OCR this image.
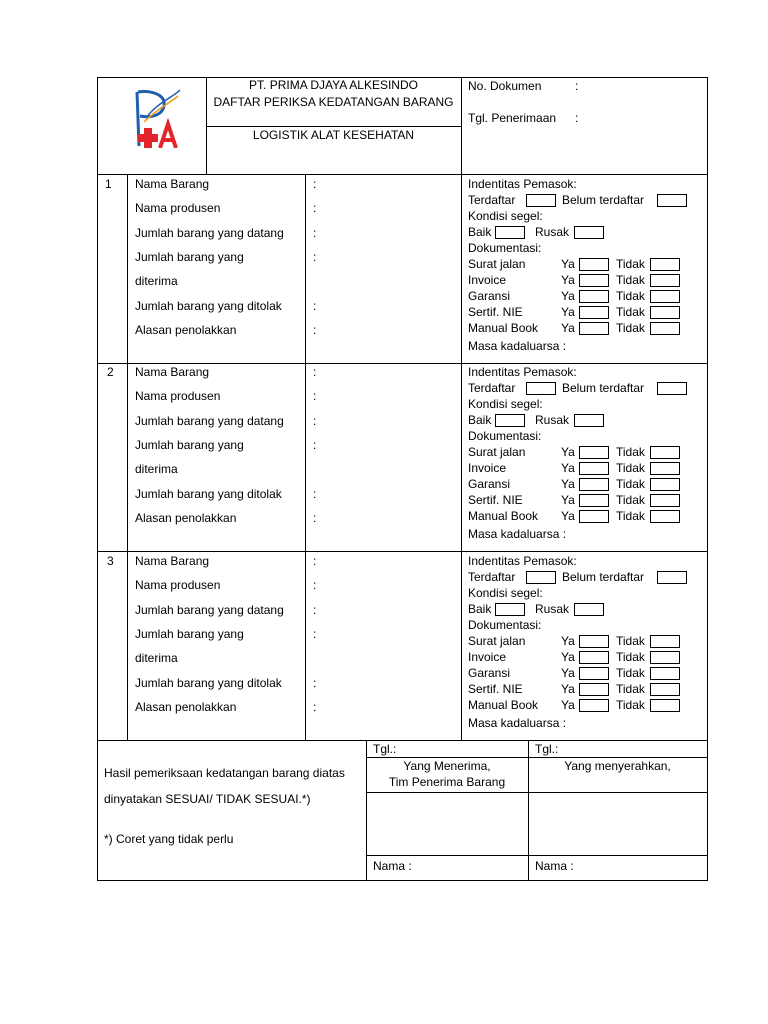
PT. PRIMA DJAYA ALKESINDO
DAFTAR PERIKSA KEDATANGAN BARANG
LOGISTIK ALAT KESEHATAN
No. Dokumen	:
Tgl. Penerimaan :
1 Nama Barang	:
Nama produsen	:
Jumlah barang yang datang :
Jumlah barang yang	:
diterima
Jumlah barang yang ditolak	:
Alasan penolakkan	:
Indentitas Pemasok:
Terdaftar	Belum terdaftar
Kondisi segel:
Baik	Rusak
Dokumentasi:
Surat jalan	Ya	Tidak
Invoice	Ya	Tidak
Garansi	Ya	Tidak
Sertif. NIE	Ya	Tidak
Manual Book Ya	Tidak
Masa kadaluarsa :
2 Nama Barang	:
Nama produsen	:
Jumlah barang yang datang :
Jumlah barang yang	:
diterima
Jumlah barang yang ditolak	:
Alasan penolakkan	:
Indentitas Pemasok:
Terdaftar	Belum terdaftar
Kondisi segel:
Baik	Rusak
Dokumentasi:
Surat jalan	Ya	Tidak
Invoice	Ya	Tidak
Garansi	Ya	Tidak
Sertif. NIE	Ya	Tidak
Manual Book Ya	Tidak
Masa kadaluarsa :
3 Nama Barang	:
Nama produsen	:
Jumlah barang yang datang :
Jumlah barang yang	:
diterima
Jumlah barang yang ditolak	:
Alasan penolakkan	:
Indentitas Pemasok:
Terdaftar	Belum terdaftar
Kondisi segel:
Baik	Rusak
Dokumentasi:
Surat jalan	Ya	Tidak
Invoice	Ya	Tidak
Garansi	Ya	Tidak
Sertif. NIE	Ya	Tidak
Manual Book Ya	Tidak
Masa kadaluarsa :
Hasil pemeriksaan kedatangan barang diatas
dinyatakan SESUAI/ TIDAK SESUAI.*)
*) Coret yang tidak perlu
Tgl.:	Tgl.:
Yang Menerima,
Tim Penerima Barang
Yang menyerahkan,
Nama :	Nama :
